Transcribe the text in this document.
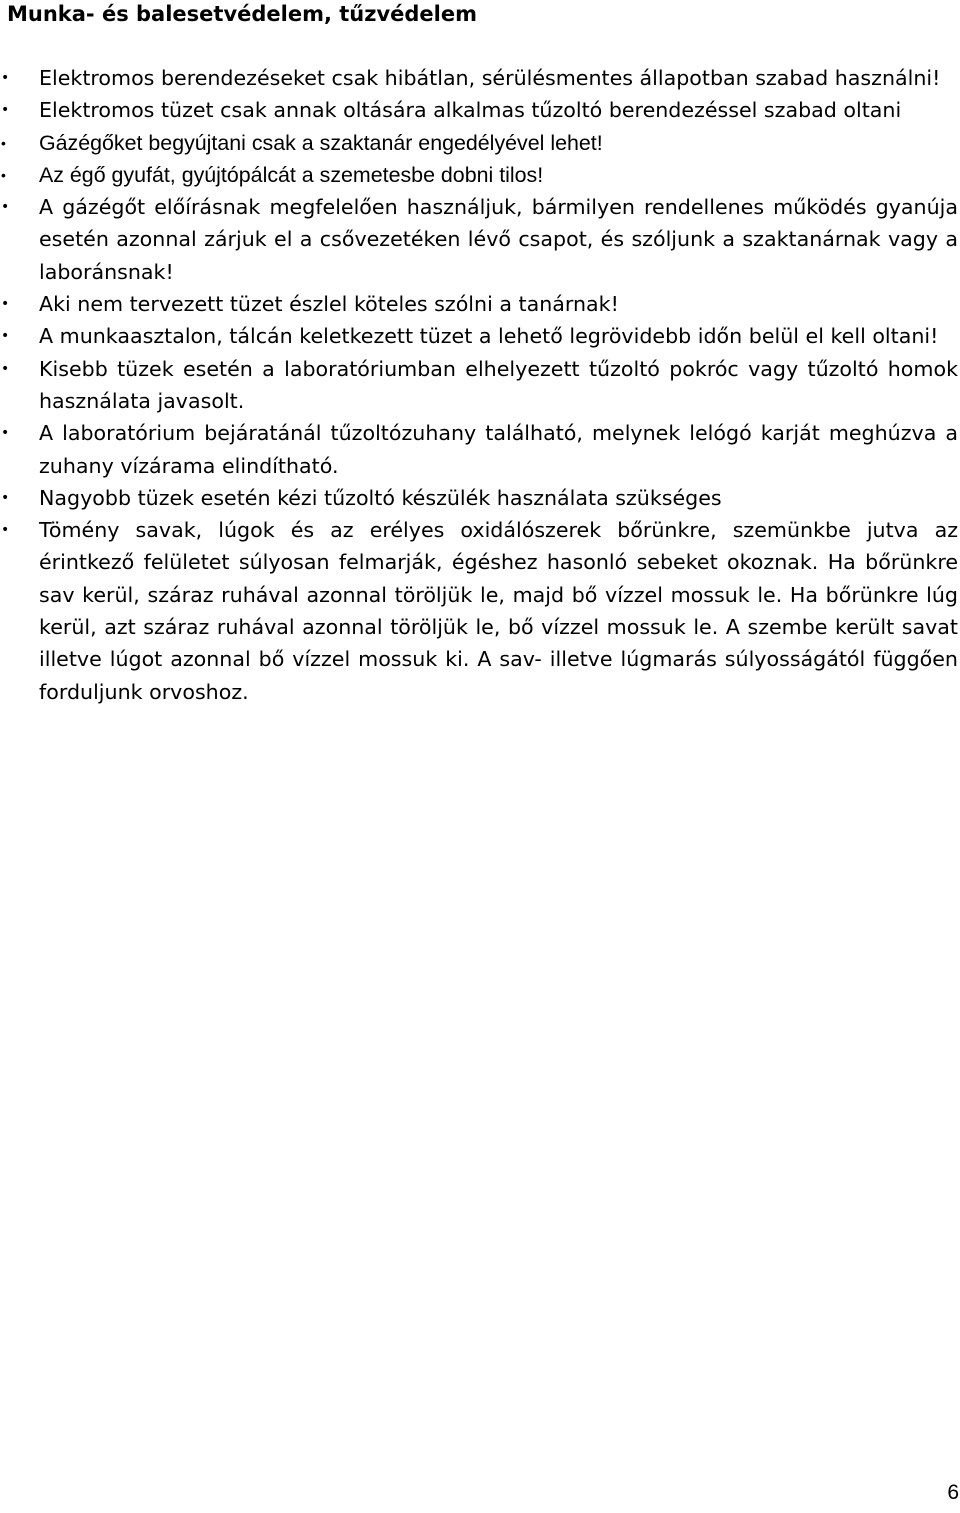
Munka- és balesetvédelem, tűzvédelem
•	Elektromos berendezéseket csak hibátlan, sérülésmentes állapotban szabad használni!
•	Elektromos tüzet csak annak oltására alkalmas tűzoltó berendezéssel szabad oltani
•	Gázégőket begyújtani csak a szaktanár engedélyével lehet!
•	Az égő gyufát, gyújtópálcát a szemetesbe dobni tilos!
•	A gázégőt előírásnak megfelelően használjuk, bármilyen rendellenes működés gyanúja esetén azonnal zárjuk el a csővezetéken lévő csapot, és szóljunk a szaktanárnak vagy a laboránsnak!
•	Aki nem tervezett tüzet észlel köteles szólni a tanárnak!
•	A munkaasztalon, tálcán keletkezett tüzet a lehető legrövidebb időn belül el kell oltani!
•	Kisebb tüzek esetén a laboratóriumban elhelyezett tűzoltó pokróc vagy tűzoltó homok használata javasolt.
•	A laboratórium bejáratánál tűzoltózuhany található, melynek lelógó karját meghúzva a zuhany vízárama elindítható.
•	Nagyobb tüzek esetén kézi tűzoltó készülék használata szükséges
•	Tömény savak, lúgok és az erélyes oxidálószerek bőrünkre, szemünkbe jutva az érintkező felületet súlyosan felmarják, égéshez hasonló sebeket okoznak. Ha bőrünkre sav kerül, száraz ruhával azonnal töröljük le, majd bő vízzel mossuk le. Ha bőrünkre lúg kerül, azt száraz ruhával azonnal töröljük le, bő vízzel mossuk le. A szembe került savat illetve lúgot azonnal bő vízzel mossuk ki. A sav- illetve lúgmarás súlyosságától függően forduljunk orvoshoz.
6
